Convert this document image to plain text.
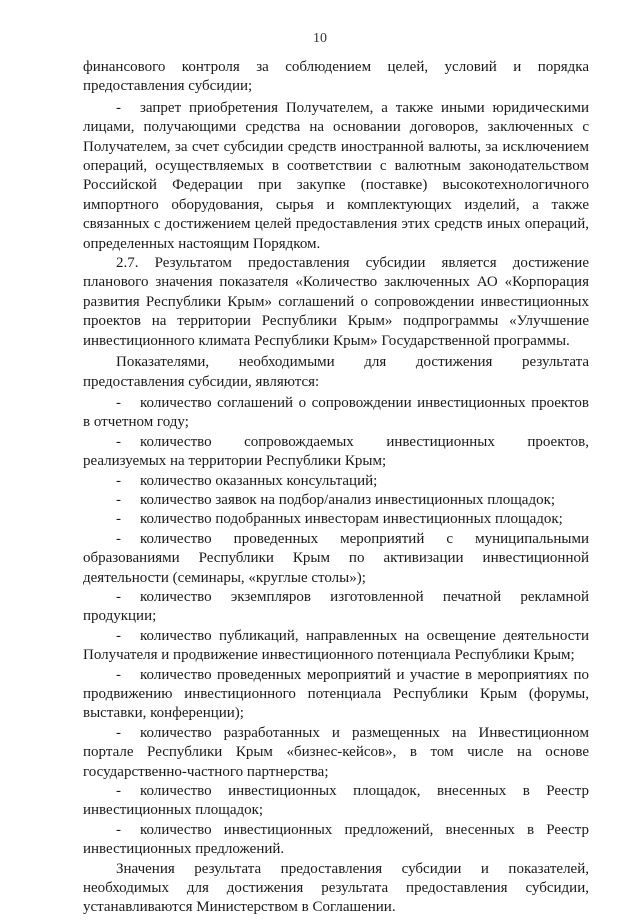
10

финансового контроля за соблюдением целей, условий и порядка предоставления субсидии;

- запрет приобретения Получателем, а также иными юридическими лицами, получающими средства на основании договоров, заключенных с Получателем, за счет субсидии средств иностранной валюты, за исключением операций, осуществляемых в соответствии с валютным законодательством Российской Федерации при закупке (поставке) высокотехнологичного импортного оборудования, сырья и комплектующих изделий, а также связанных с достижением целей предоставления этих средств иных операций, определенных настоящим Порядком.

2.7. Результатом предоставления субсидии является достижение планового значения показателя «Количество заключенных АО «Корпорация развития Республики Крым» соглашений о сопровождении инвестиционных проектов на территории Республики Крым» подпрограммы «Улучшение инвестиционного климата Республики Крым» Государственной программы.

Показателями, необходимыми для достижения результата предоставления субсидии, являются:

- количество соглашений о сопровождении инвестиционных проектов в отчетном году;

- количество сопровождаемых инвестиционных проектов, реализуемых на территории Республики Крым;

- количество оказанных консультаций;

- количество заявок на подбор/анализ инвестиционных площадок;

- количество подобранных инвесторам инвестиционных площадок;

- количество проведенных мероприятий с муниципальными образованиями Республики Крым по активизации инвестиционной деятельности (семинары, «круглые столы»);

- количество экземпляров изготовленной печатной рекламной продукции;

- количество публикаций, направленных на освещение деятельности Получателя и продвижение инвестиционного потенциала Республики Крым;

- количество проведенных мероприятий и участие в мероприятиях по продвижению инвестиционного потенциала Республики Крым (форумы, выставки, конференции);

- количество разработанных и размещенных на Инвестиционном портале Республики Крым «бизнес-кейсов», в том числе на основе государственно-частного партнерства;

- количество инвестиционных площадок, внесенных в Реестр инвестиционных площадок;

- количество инвестиционных предложений, внесенных в Реестр инвестиционных предложений.

Значения результата предоставления субсидии и показателей, необходимых для достижения результата предоставления субсидии, устанавливаются Министерством в Соглашении.
